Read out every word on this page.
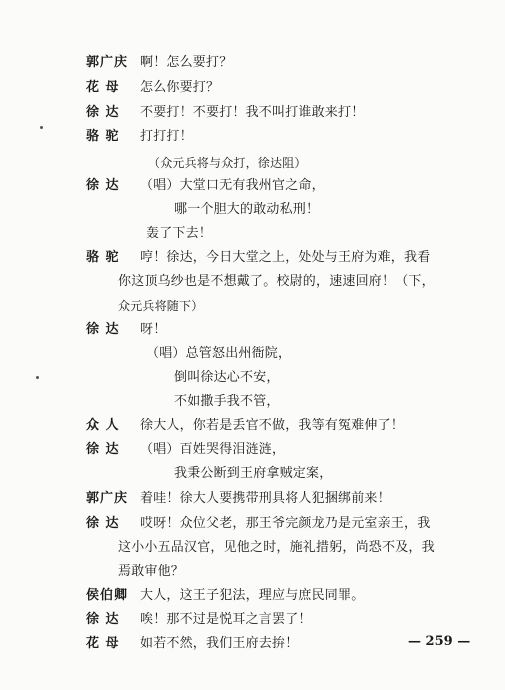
郭广庆 啊！怎么要打？
花 母 怎么你要打？
徐 达 不要打！不要打！我不叫打谁敢来打！
骆 驼 打打打！
（众元兵将与众打，徐达阻）
徐 达 （唱）大堂口无有我州官之命，
哪一个胆大的敢动私刑！
轰了下去！
骆 驼 哼！徐达，今日大堂之上，处处与王府为难，我看
你这顶乌纱也是不想戴了。校尉的，速速回府！（下，
众元兵将随下）
徐 达 呀！
（唱）总管怒出州衙院，
倒叫徐达心不安，
不如撒手我不管，
众 人 徐大人，你若是丢官不做，我等有冤难伸了！
徐 达 （唱）百姓哭得泪涟涟，
我秉公断到王府拿贼定案，
郭广庆 着哇！徐大人要携带刑具将人犯捆绑前来！
徐 达 哎呀！众位父老，那王爷完颜龙乃是元室亲王，我
这小小五品汉官，见他之时，施礼措躬，尚恐不及，我
焉敢审他？
侯伯卿 大人，这王子犯法，理应与庶民同罪。
徐 达 唉！那不过是悦耳之言罢了！
花 母 如若不然，我们王府去拚！	— 259 —
